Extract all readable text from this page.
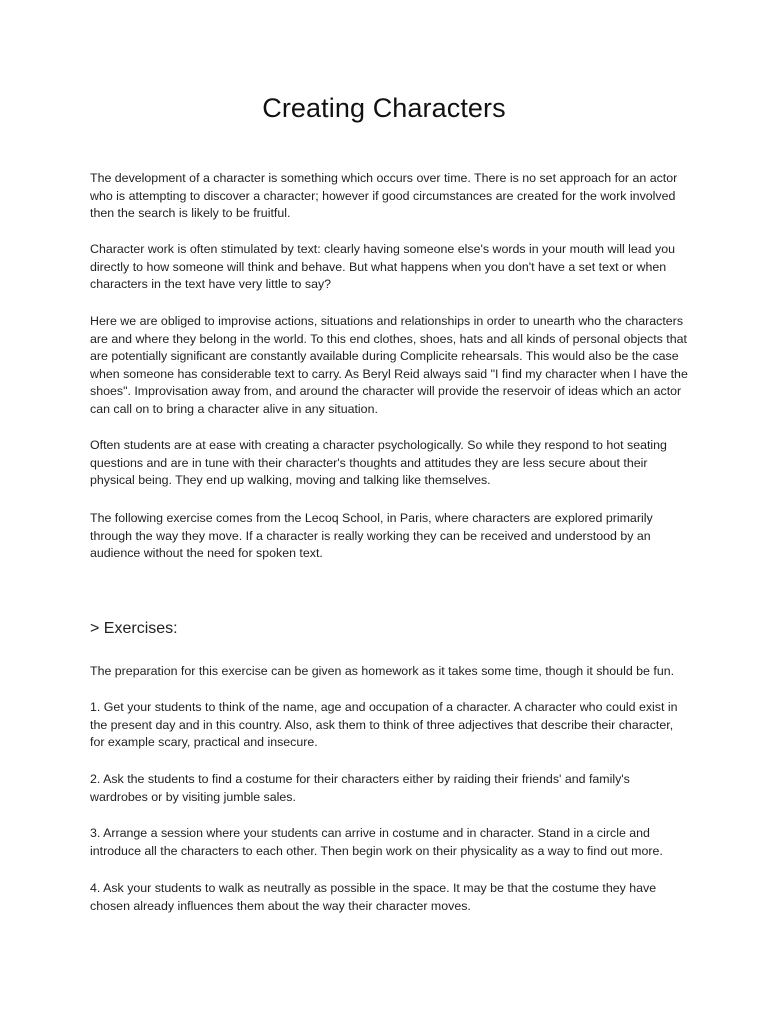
Creating Characters

The development of a character is something which occurs over time. There is no set approach for an actor who is attempting to discover a character; however if good circumstances are created for the work involved then the search is likely to be fruitful.

Character work is often stimulated by text: clearly having someone else's words in your mouth will lead you directly to how someone will think and behave. But what happens when you don't have a set text or when characters in the text have very little to say?

Here we are obliged to improvise actions, situations and relationships in order to unearth who the characters are and where they belong in the world. To this end clothes, shoes, hats and all kinds of personal objects that are potentially significant are constantly available during Complicite rehearsals. This would also be the case when someone has considerable text to carry. As Beryl Reid always said "I find my character when I have the shoes". Improvisation away from, and around the character will provide the reservoir of ideas which an actor can call on to bring a character alive in any situation.

Often students are at ease with creating a character psychologically. So while they respond to hot seating questions and are in tune with their character's thoughts and attitudes they are less secure about their physical being. They end up walking, moving and talking like themselves.

The following exercise comes from the Lecoq School, in Paris, where characters are explored primarily through the way they move. If a character is really working they can be received and understood by an audience without the need for spoken text.

> Exercises:

The preparation for this exercise can be given as homework as it takes some time, though it should be fun.

1. Get your students to think of the name, age and occupation of a character. A character who could exist in the present day and in this country. Also, ask them to think of three adjectives that describe their character, for example scary, practical and insecure.

2. Ask the students to find a costume for their characters either by raiding their friends' and family's wardrobes or by visiting jumble sales.

3. Arrange a session where your students can arrive in costume and in character. Stand in a circle and introduce all the characters to each other. Then begin work on their physicality as a way to find out more.

4. Ask your students to walk as neutrally as possible in the space. It may be that the costume they have chosen already influences them about the way their character moves.
